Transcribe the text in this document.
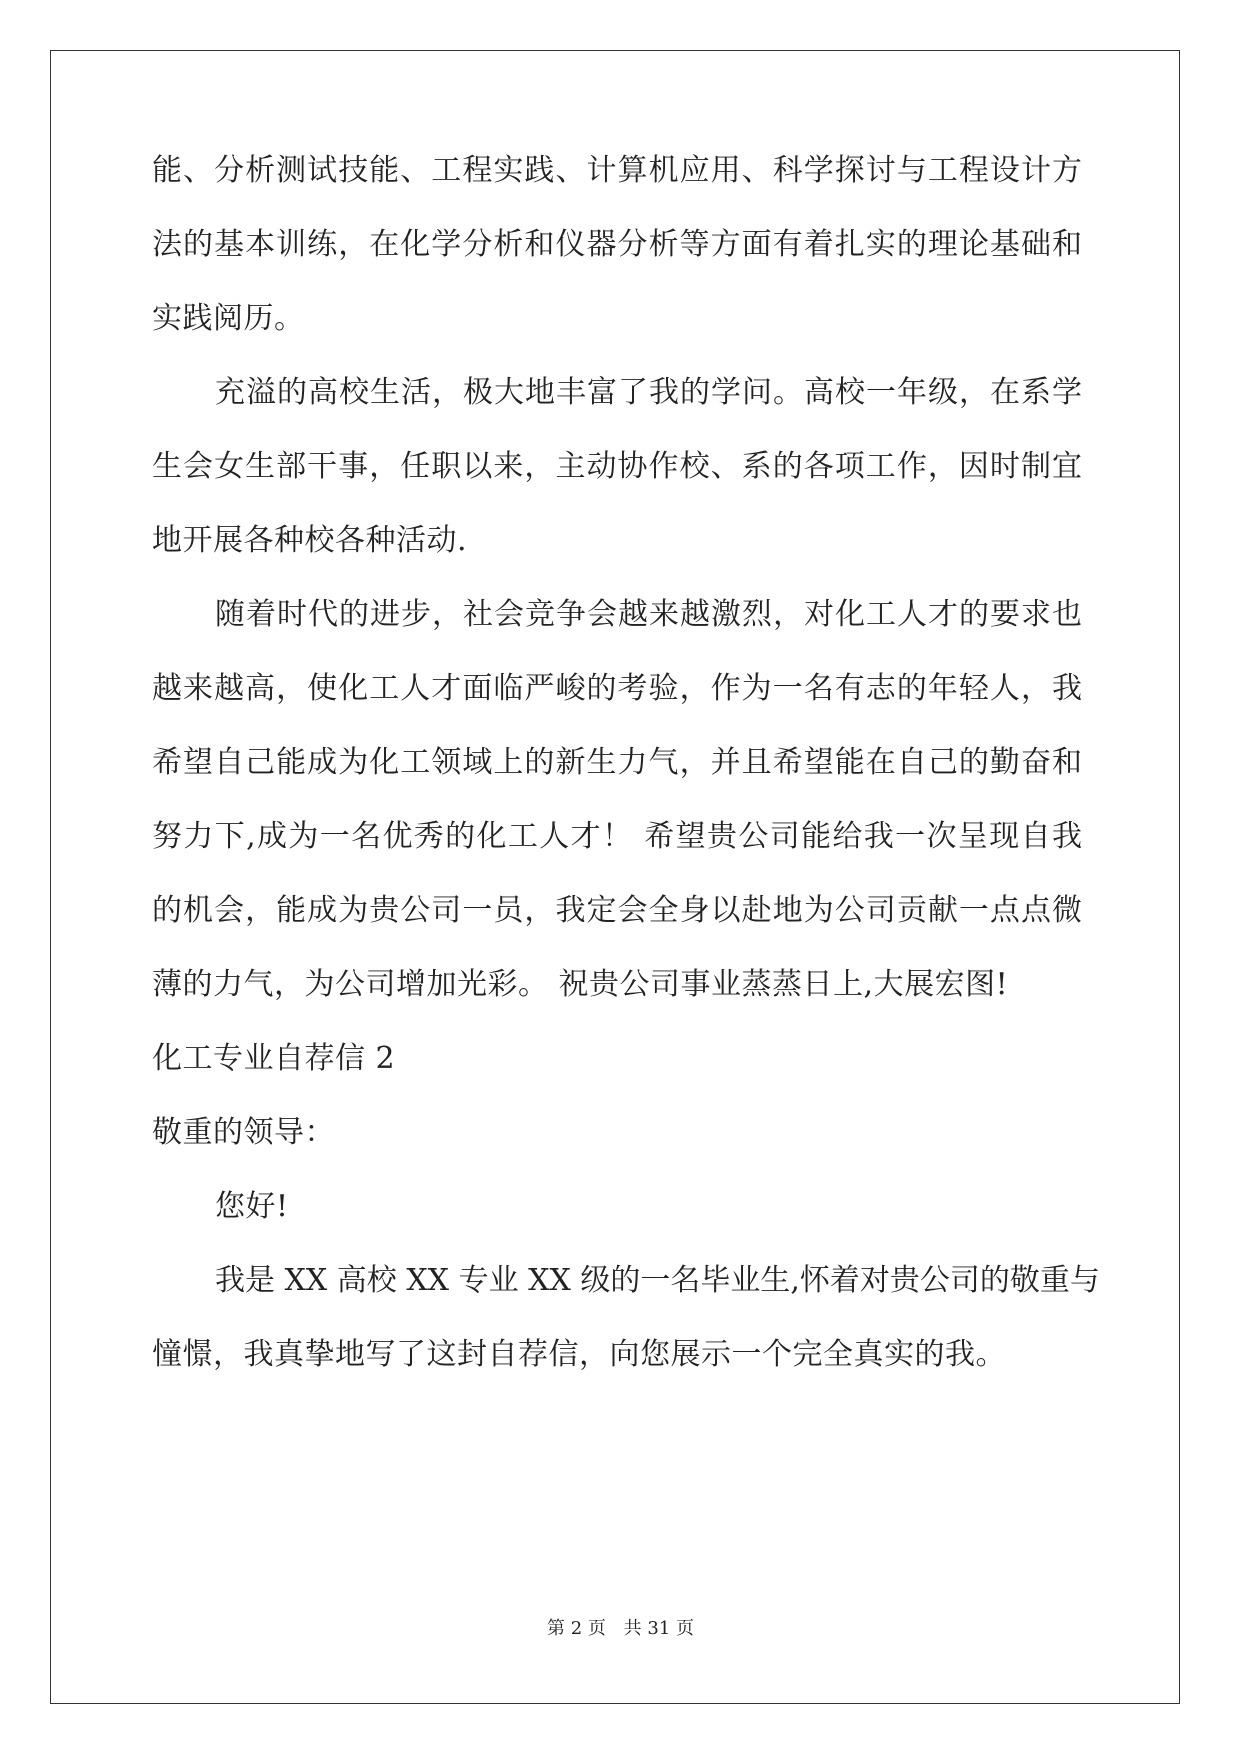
能、分析测试技能、工程实践、计算机应用、科学探讨与工程设计方
法的基本训练，在化学分析和仪器分析等方面有着扎实的理论基础和
实践阅历。
充溢的高校生活，极大地丰富了我的学问。高校一年级，在系学
生会女生部干事，任职以来，主动协作校、系的各项工作，因时制宜
地开展各种校各种活动.
随着时代的进步，社会竞争会越来越激烈，对化工人才的要求也
越来越高，使化工人才面临严峻的考验，作为一名有志的年轻人，我
希望自己能成为化工领域上的新生力气，并且希望能在自己的勤奋和
努力下,成为一名优秀的化工人才！ 希望贵公司能给我一次呈现自我
的机会，能成为贵公司一员，我定会全身以赴地为公司贡献一点点微
薄的力气，为公司增加光彩。 祝贵公司事业蒸蒸日上,大展宏图!
化工专业自荐信 2
敬重的领导：
您好!
我是 XX 高校 XX 专业 XX 级的一名毕业生,怀着对贵公司的敬重与
憧憬，我真挚地写了这封自荐信，向您展示一个完全真实的我。
第 2 页 共 31 页
